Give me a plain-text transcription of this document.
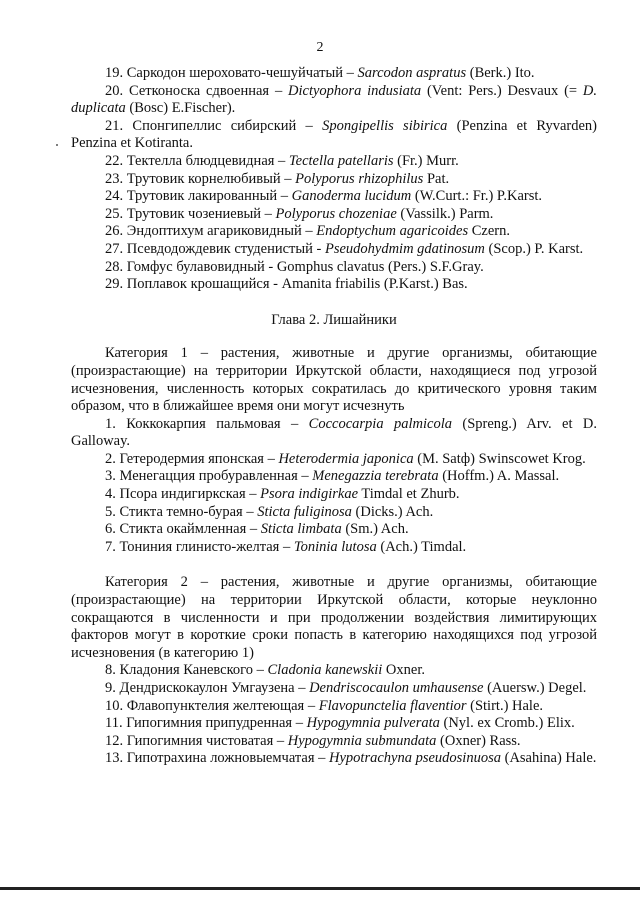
2

19. Саркодон шероховато-чешуйчатый – Sarcodon aspratus (Berk.) Ito.

20. Сетконоска сдвоенная – Dictyophora indusiata (Vent: Pers.) Desvaux (= D. duplicata (Bosc) E.Fischer).

21. Спонгипеллис сибирский – Spongipellis sibirica (Penzina et Ryvarden) Penzina et Kotiranta.

22. Тектелла блюдцевидная – Tectella patellaris (Fr.) Murr.

23. Трутовик корнелюбивый – Polyporus rhizophilus Pat.

24. Трутовик лакированный – Ganoderma lucidum (W.Curt.: Fr.) P.Karst.

25. Трутовик чозениевый – Polyporus chozeniae (Vassilk.) Parm.

26. Эндоптихум агариковидный – Endoptychum agaricoides Czern.

27. Псевдодождевик студенистый - Pseudohydmim gdatinosum (Scop.) P. Karst.

28. Гомфус булавовидный - Gomphus clavatus (Pers.) S.F.Gray.

29. Поплавок крошащийся - Amanita friabilis (P.Karst.) Bas.

Глава 2. Лишайники

Категория 1 – растения, животные и другие организмы, обитающие (произрастающие) на территории Иркутской области, находящиеся под угрозой исчезновения, численность которых сократилась до критического уровня таким образом, что в ближайшее время они могут исчезнуть

1. Коккокарпия пальмовая – Coccocarpia palmicola (Spreng.) Arv. et D. Galloway.

2. Гетеродермия японская – Heterodermia japonica (M. Satф) Swinscowet Krog.

3. Менегацция пробуравленная – Menegazzia terebrata (Hoffm.) A. Massal.

4. Псора индигиркская – Psora indigirkae Timdal et Zhurb.

5. Стикта темно-бурая – Sticta fuliginosa (Dicks.) Ach.

6. Стикта окаймленная – Sticta limbata (Sm.) Ach.

7. Тониния глинисто-желтая – Toninia lutosa (Ach.) Timdal.

Категория 2 – растения, животные и другие организмы, обитающие (произрастающие) на территории Иркутской области, которые неуклонно сокращаются в численности и при продолжении воздействия лимитирующих факторов могут в короткие сроки попасть в категорию находящихся под угрозой исчезновения (в категорию 1)

8. Кладония Каневского – Cladonia kanewskii Oxner.

9. Дендрискокаулон Умгаузена – Dendriscocaulon umhausense (Auersw.) Degel.

10. Флавопунктелия желтеющая – Flavopunctelia flaventior (Stirt.) Hale.

11. Гипогимния припудренная – Hypogymnia pulverata (Nyl. ex Cromb.) Elix.

12. Гипогимния чистоватая – Hypogymnia submundata (Oxner) Rass.

13. Гипотрахина ложновыемчатая – Hypotrachyna pseudosinuosa (Asahina) Hale.
